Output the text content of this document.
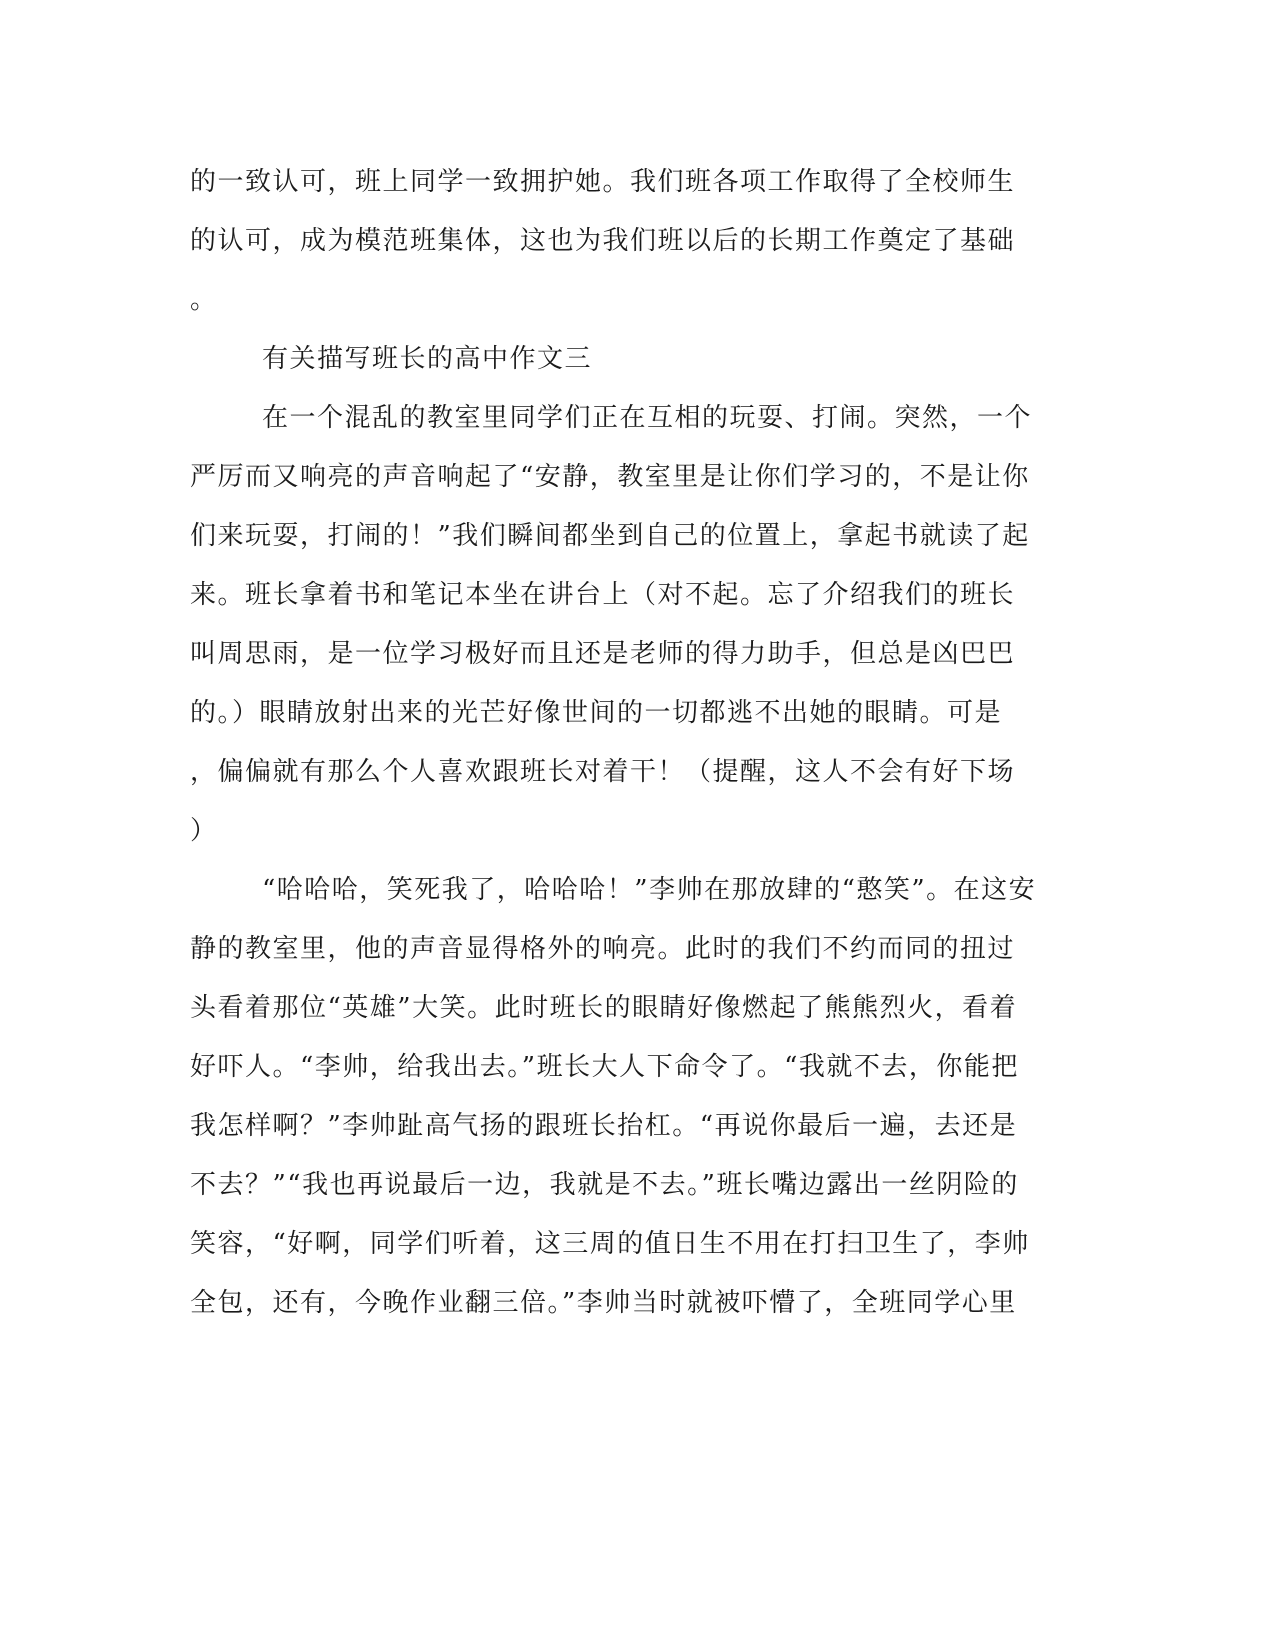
的一致认可，班上同学一致拥护她。我们班各项工作取得了全校师生
的认可，成为模范班集体，这也为我们班以后的长期工作奠定了基础
。
有关描写班长的高中作文三
在一个混乱的教室里同学们正在互相的玩耍、打闹。突然，一个
严厉而又响亮的声音响起了“安静，教室里是让你们学习的，不是让你
们来玩耍，打闹的！”我们瞬间都坐到自己的位置上，拿起书就读了起
来。班长拿着书和笔记本坐在讲台上（对不起。忘了介绍我们的班长
叫周思雨，是一位学习极好而且还是老师的得力助手，但总是凶巴巴
的。）眼睛放射出来的光芒好像世间的一切都逃不出她的眼睛。可是
，偏偏就有那么个人喜欢跟班长对着干！（提醒，这人不会有好下场
）
“哈哈哈，笑死我了，哈哈哈！”李帅在那放肆的“憨笑”。在这安
静的教室里，他的声音显得格外的响亮。此时的我们不约而同的扭过
头看着那位“英雄”大笑。此时班长的眼睛好像燃起了熊熊烈火，看着
好吓人。“李帅，给我出去。”班长大人下命令了。“我就不去，你能把
我怎样啊？”李帅趾高气扬的跟班长抬杠。“再说你最后一遍，去还是
不去？”“我也再说最后一边，我就是不去。”班长嘴边露出一丝阴险的
笑容，“好啊，同学们听着，这三周的值日生不用在打扫卫生了，李帅
全包，还有，今晚作业翻三倍。”李帅当时就被吓懵了，全班同学心里
